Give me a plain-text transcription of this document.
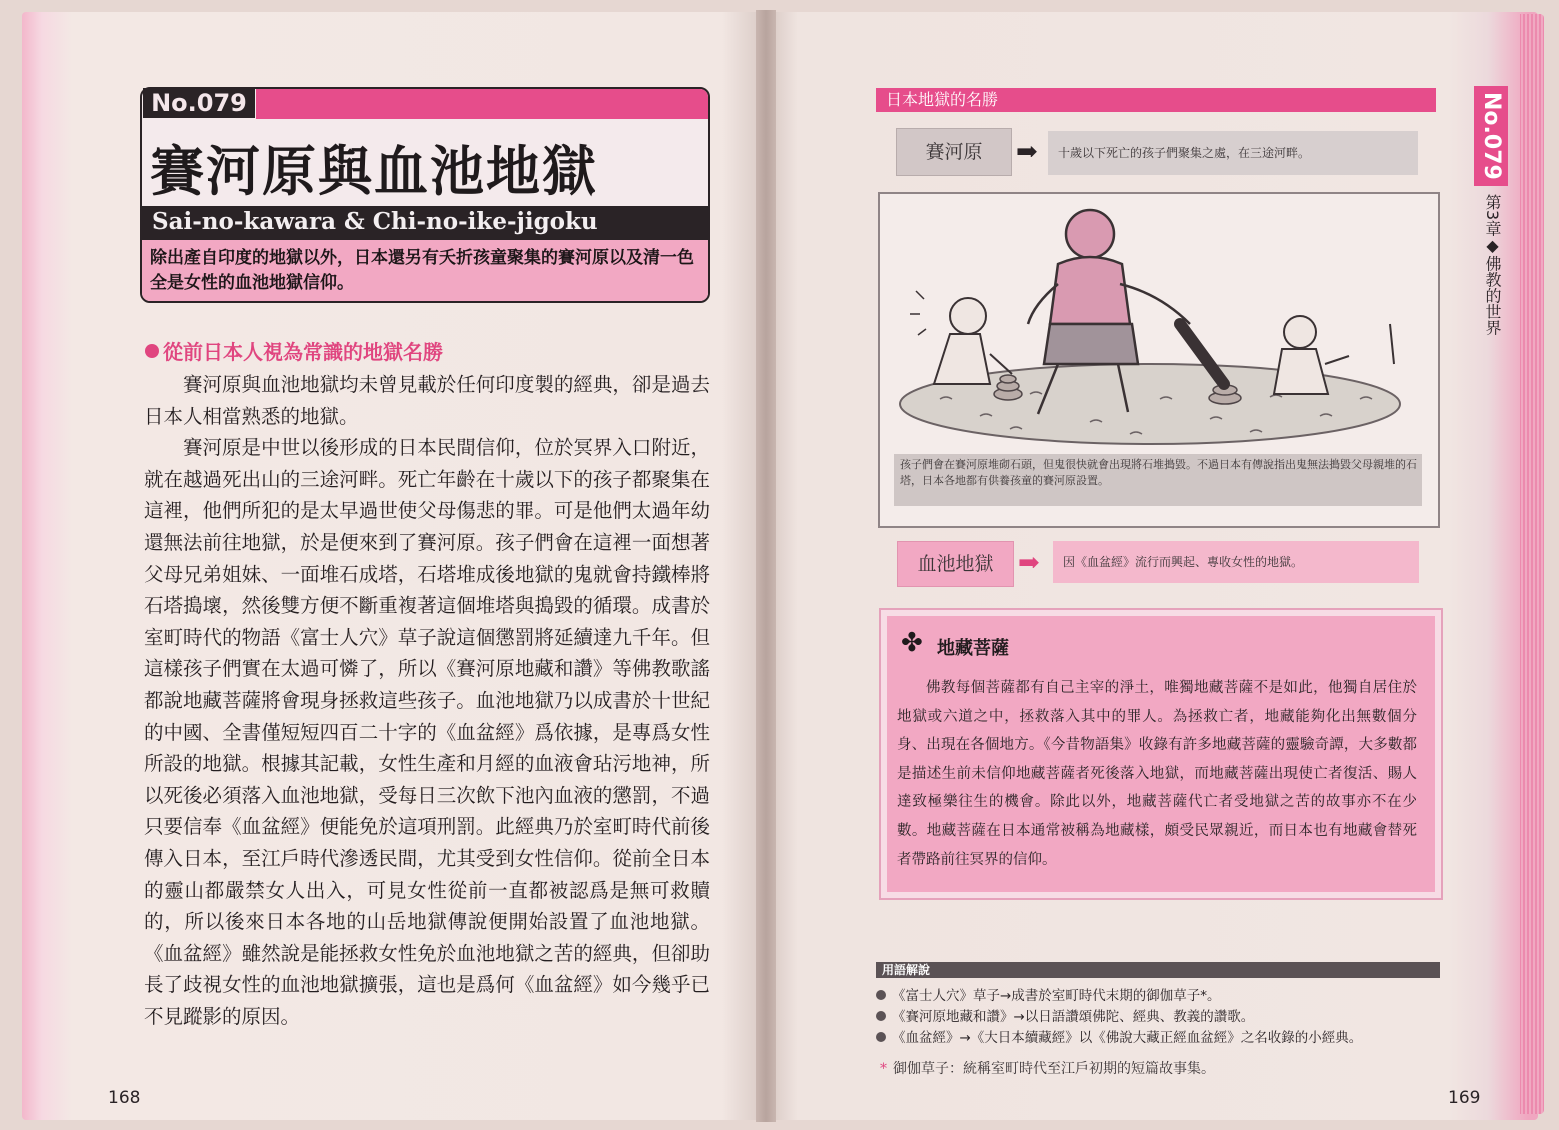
賽河原與血池地獄
Sai-no-kawara & Chi-no-ike-jigoku
除出產自印度的地獄以外，日本還另有夭折孩童聚集的賽河原以及清一色全是女性的血池地獄信仰。
No.079
從前日本人視為常識的地獄名勝

賽河原與血池地獄均未曾見載於任何印度製的經典，卻是過去日本人相當熟悉的地獄。

賽河原是中世以後形成的日本民間信仰，位於冥界入口附近，就在越過死出山的三途河畔。死亡年齡在十歲以下的孩子都聚集在這裡，他們所犯的是太早過世使父母傷悲的罪。可是他們太過年幼還無法前往地獄，於是便來到了賽河原。孩子們會在這裡一面想著父母兄弟姐妹、一面堆石成塔，石塔堆成後地獄的鬼就會持鐵棒將石塔搗壞，然後雙方便不斷重複著這個堆塔與搗毀的循環。成書於室町時代的物語《富士人穴》草子說這個懲罰將延續達九千年。但這樣孩子們實在太過可憐了，所以《賽河原地藏和讚》等佛教歌謠都說地藏菩薩將會現身拯救這些孩子。血池地獄乃以成書於十世紀的中國、全書僅短短四百二十字的《血盆經》爲依據，是專爲女性所設的地獄。根據其記載，女性生產和月經的血液會玷污地神，所以死後必須落入血池地獄，受每日三次飲下池內血液的懲罰，不過只要信奉《血盆經》便能免於這項刑罰。此經典乃於室町時代前後傳入日本，至江戶時代滲透民間，尤其受到女性信仰。從前全日本的靈山都嚴禁女人出入，可見女性從前一直都被認爲是無可救贖的，所以後來日本各地的山岳地獄傳說便開始設置了血池地獄。《血盆經》雖然說是能拯救女性免於血池地獄之苦的經典，但卻助長了歧視女性的血池地獄擴張，這也是爲何《血盆經》如今幾乎已不見蹤影的原因。

168
日本地獄的名勝
賽河原	➡	十歲以下死亡的孩子們聚集之處，在三途河畔。
孩子們會在賽河原堆砌石頭，但鬼很快就會出現將石堆搗毀。不過日本有傳說指出鬼無法搗毀父母親堆的石塔，日本各地都有供養孩童的賽河原設置。
血池地獄 ➡	因《血盆經》流行而興起、專收女性的地獄。
✤ 地藏菩薩

佛教每個菩薩都有自己主宰的淨土，唯獨地藏菩薩不是如此，他獨自居住於地獄或六道之中，拯救落入其中的罪人。為拯救亡者，地藏能夠化出無數個分身、出現在各個地方。《今昔物語集》收錄有許多地藏菩薩的靈驗奇譚，大多數都是描述生前未信仰地藏菩薩者死後落入地獄，而地藏菩薩出現使亡者復活、賜人達致極樂往生的機會。除此以外，地藏菩薩代亡者受地獄之苦的故事亦不在少數。地藏菩薩在日本通常被稱為地藏樣，頗受民眾親近，而日本也有地藏會替死者帶路前往冥界的信仰。

用語解說
《富士人穴》草子→成書於室町時代末期的御伽草子*。
《賽河原地藏和讚》→以日語讚頌佛陀、經典、教義的讚歌。
《血盆經》→《大日本續藏經》以《佛說大藏正經血盆經》之名收錄的小經典。
* 御伽草子：統稱室町時代至江戶初期的短篇故事集。
169
No.079
第3章◆佛教的世界
